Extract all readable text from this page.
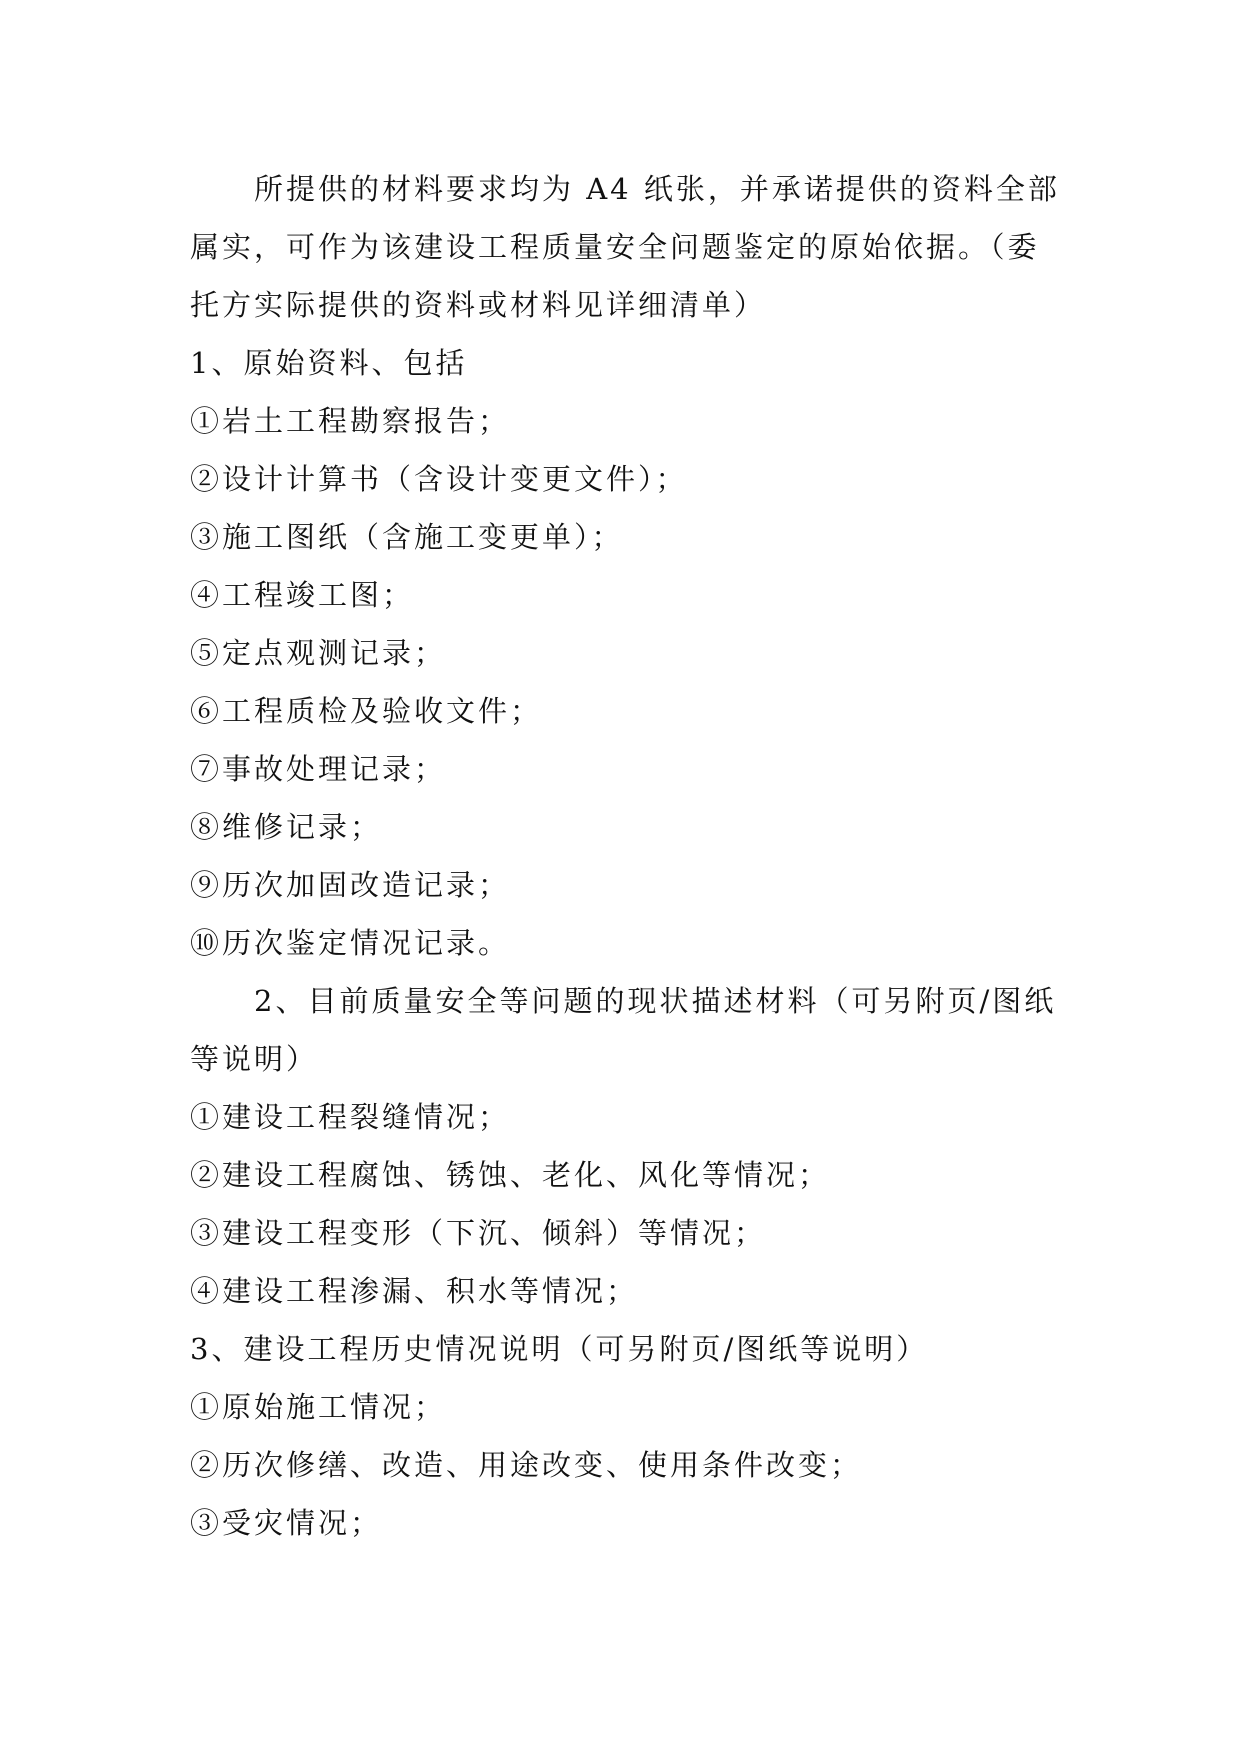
所提供的材料要求均为 A4 纸张，并承诺提供的资料全部属实，可作为该建设工程质量安全问题鉴定的原始依据。（委托方实际提供的资料或材料见详细清单）

1、原始资料、包括

①岩土工程勘察报告；

②设计计算书（含设计变更文件）；

③施工图纸（含施工变更单）；

④工程竣工图；

⑤定点观测记录；

⑥工程质检及验收文件；

⑦事故处理记录；

⑧维修记录；

⑨历次加固改造记录；

⑩历次鉴定情况记录。

2、目前质量安全等问题的现状描述材料（可另附页/图纸等说明）

①建设工程裂缝情况；

②建设工程腐蚀、锈蚀、老化、风化等情况；

③建设工程变形（下沉、倾斜）等情况；

④建设工程渗漏、积水等情况；

3、建设工程历史情况说明（可另附页/图纸等说明）

①原始施工情况；

②历次修缮、改造、用途改变、使用条件改变；

③受灾情况；
